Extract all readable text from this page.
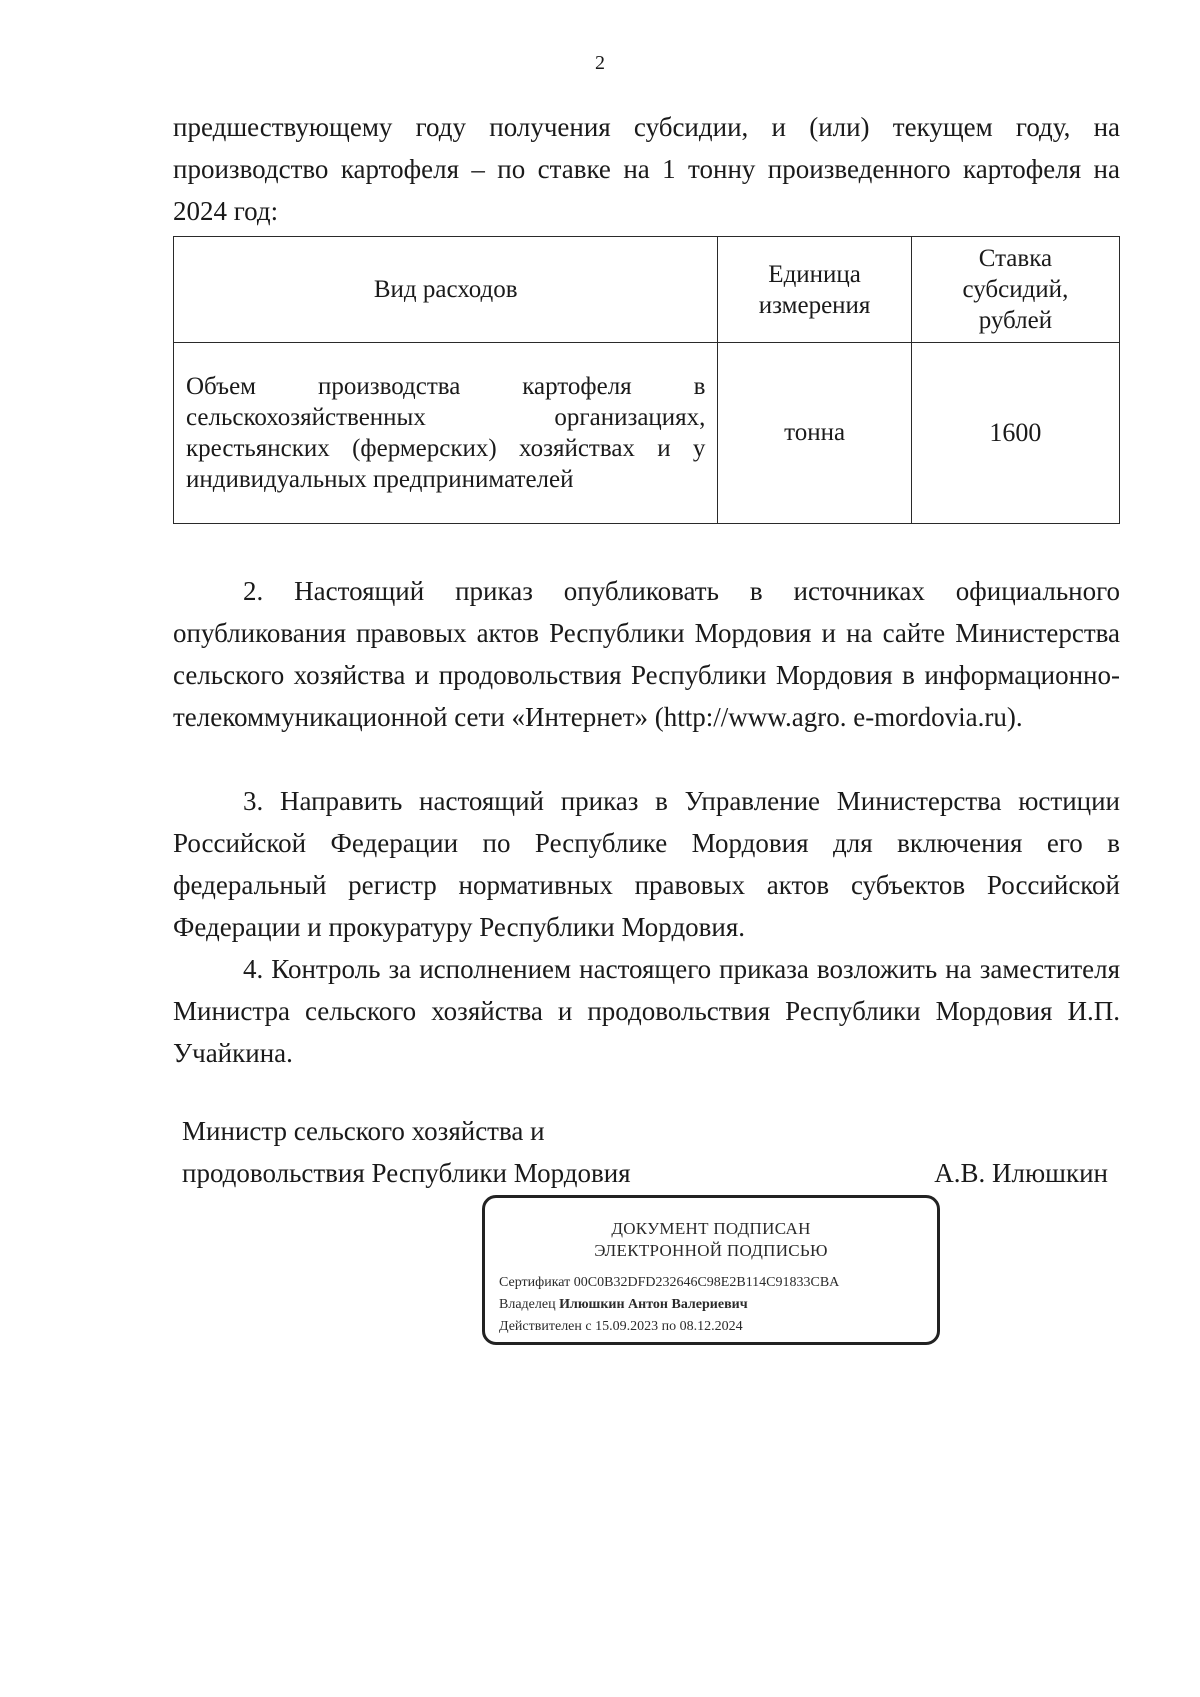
2

предшествующему году получения субсидии, и (или) текущем году, на производство картофеля – по ставке на 1 тонну произведенного картофеля на 2024 год:

Вид расходов	Единица измерения	Ставка субсидий, рублей
Объем производства картофеля в сельскохозяйственных организациях, крестьянских (фермерских) хозяйствах и у индивидуальных предпринимателей	тонна	1600

2. Настоящий приказ опубликовать в источниках официального опубликования правовых актов Республики Мордовия и на сайте Министерства сельского хозяйства и продовольствия Республики Мордовия в информационно-телекоммуникационной сети «Интернет» (http://www.agro. e-mordovia.ru).

3. Направить настоящий приказ в Управление Министерства юстиции Российской Федерации по Республике Мордовия для включения его в федеральный регистр нормативных правовых актов субъектов Российской Федерации и прокуратуру Республики Мордовия.

4. Контроль за исполнением настоящего приказа возложить на заместителя Министра сельского хозяйства и продовольствия Республики Мордовия И.П. Учайкина.

Министр сельского хозяйства и
продовольствия Республики Мордовия	А.В. Илюшкин
ДОКУМЕНТ ПОДПИСАН
ЭЛЕКТРОННОЙ ПОДПИСЬЮ
Сертификат 00C0B32DFD232646C98E2B114C91833CBA
Владелец Илюшкин Антон Валериевич
Действителен с 15.09.2023 по 08.12.2024
